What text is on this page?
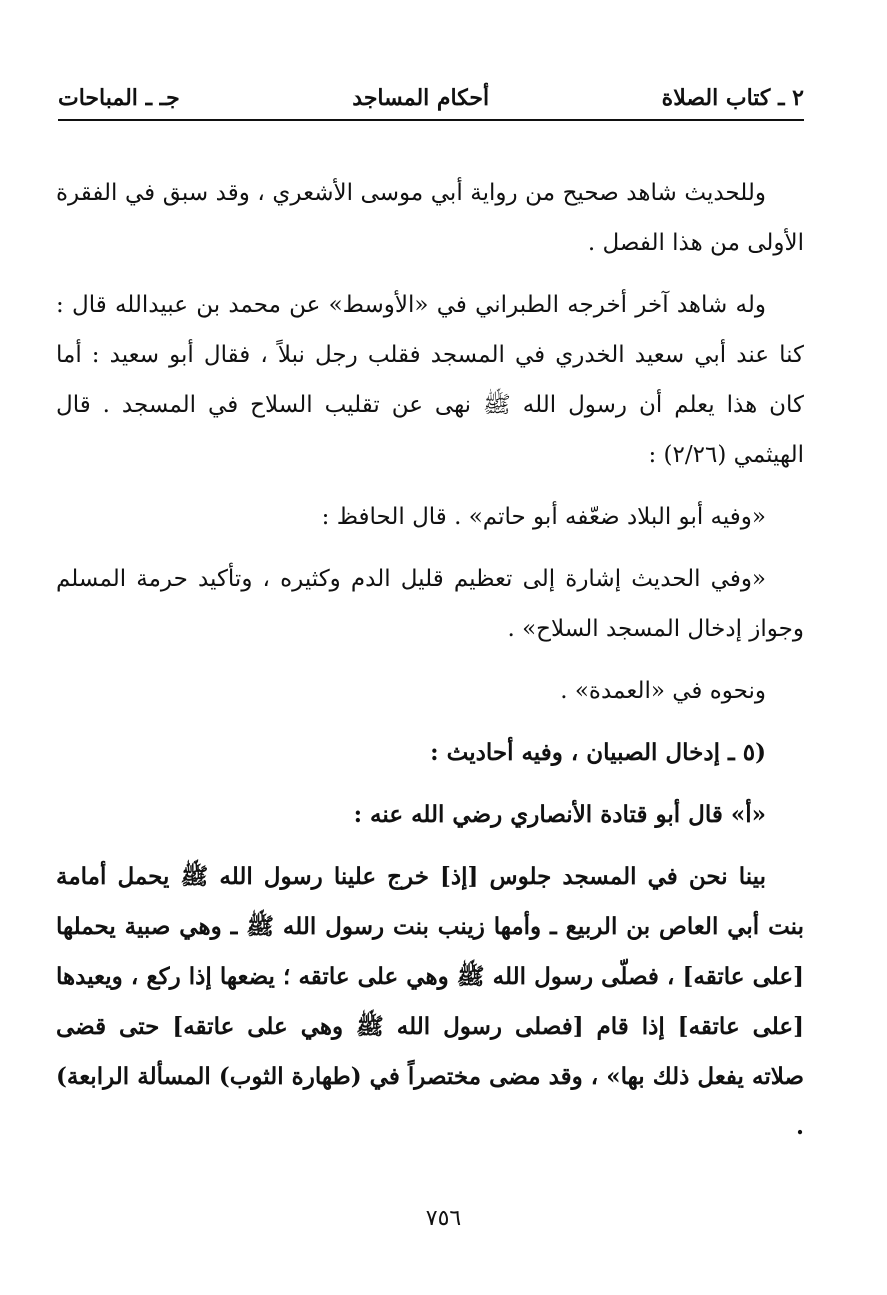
٢ ـ كتاب الصلاة
أحكام المساجد
جـ ـ المباحات

وللحديث شاهد صحيح من رواية أبي موسى الأشعري ، وقد سبق في الفقرة الأولى من هذا الفصل .

وله شاهد آخر أخرجه الطبراني في «الأوسط» عن محمد بن عبيدالله قال : كنا عند أبي سعيد الخدري في المسجد فقلب رجل نبلاً ، فقال أبو سعيد : أما كان هذا يعلم أن رسول الله ﷺ نهى عن تقليب السلاح في المسجد . قال الهيثمي (٢/٢٦) :

«وفيه أبو البلاد ضعّفه أبو حاتم» . قال الحافظ :

«وفي الحديث إشارة إلى تعظيم قليل الدم وكثيره ، وتأكيد حرمة المسلم وجواز إدخال المسجد السلاح» .

ونحوه في «العمدة» .

(٥ ـ إدخال الصبيان ، وفيه أحاديث :

«أ» قال أبو قتادة الأنصاري رضي الله عنه :

بينا نحن في المسجد جلوس [إذ] خرج علينا رسول الله ﷺ يحمل أمامة بنت أبي العاص بن الربيع ـ وأمها زينب بنت رسول الله ﷺ ـ وهي صبية يحملها [على عاتقه] ، فصلّى رسول الله ﷺ وهي على عاتقه ؛ يضعها إذا ركع ، ويعيدها [على عاتقه] إذا قام [فصلى رسول الله ﷺ وهي على عاتقه] حتى قضى صلاته يفعل ذلك بها» ، وقد مضى مختصراً في (طهارة الثوب) المسألة الرابعة) .

٧٥٦
